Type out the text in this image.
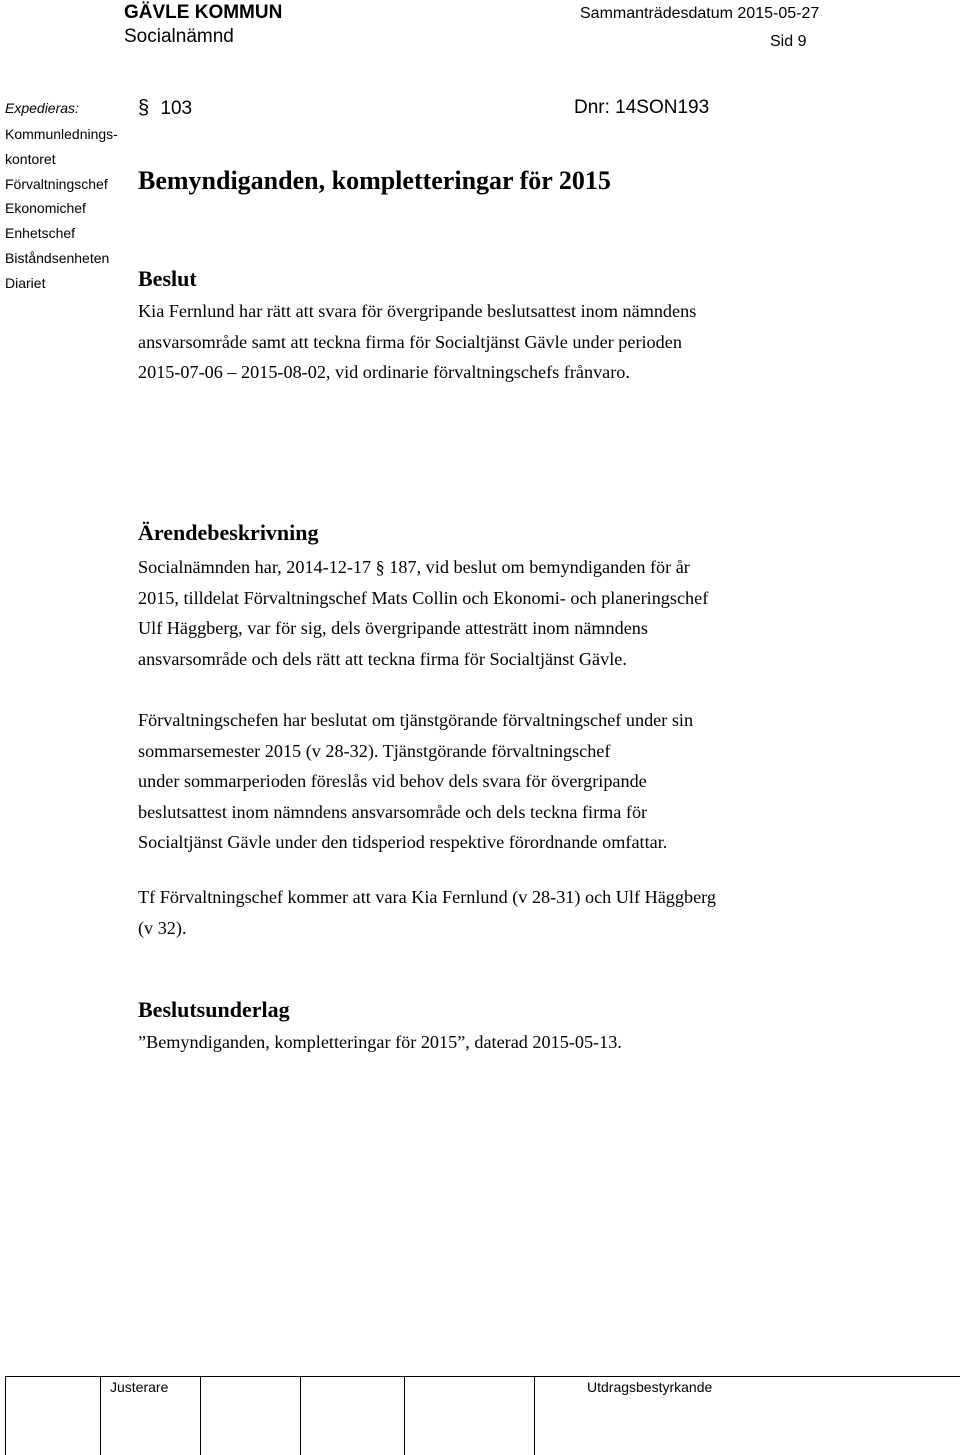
GÄVLE KOMMUN
Socialnämnd
Sammanträdesdatum 2015-05-27
Sid 9
Expedieras:
Kommunlednings-
kontoret
Förvaltningschef
Ekonomichef
Enhetschef
Biståndsenheten
Diariet
§ 103	Dnr: 14SON193
Bemyndiganden, kompletteringar för 2015
Beslut
Kia Fernlund har rätt att svara för övergripande beslutsattest inom nämndens
ansvarsområde samt att teckna firma för Socialtjänst Gävle under perioden
2015-07-06 – 2015-08-02, vid ordinarie förvaltningschefs frånvaro.
Ärendebeskrivning
Socialnämnden har, 2014-12-17 § 187, vid beslut om bemyndiganden för år
2015, tilldelat Förvaltningschef Mats Collin och Ekonomi- och planeringschef
Ulf Häggberg, var för sig, dels övergripande attesträtt inom nämndens
ansvarsområde och dels rätt att teckna firma för Socialtjänst Gävle.
Förvaltningschefen har beslutat om tjänstgörande förvaltningschef under sin
sommarsemester 2015 (v 28-32). Tjänstgörande förvaltningschef
under sommarperioden föreslås vid behov dels svara för övergripande
beslutsattest inom nämndens ansvarsområde och dels teckna firma för
Socialtjänst Gävle under den tidsperiod respektive förordnande omfattar.
Tf Förvaltningschef kommer att vara Kia Fernlund (v 28-31) och Ulf Häggberg
(v 32).
Beslutsunderlag
”Bemyndiganden, kompletteringar för 2015”, daterad 2015-05-13.
Justerare	Utdragsbestyrkande
